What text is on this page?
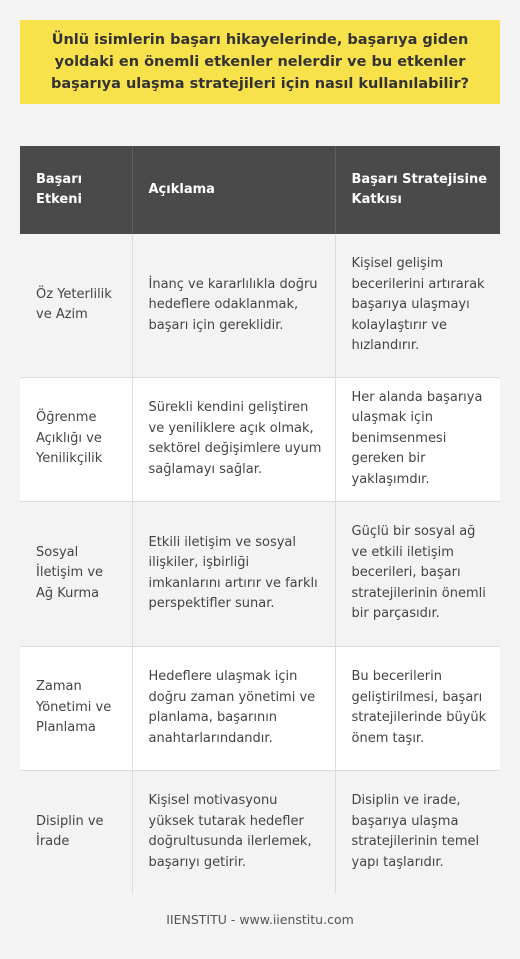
Ünlü isimlerin başarı hikayelerinde, başarıya giden yoldaki en önemli etkenler nelerdir ve bu etkenler başarıya ulaşma stratejileri için nasıl kullanılabilir?
Başarı Etkeni	Açıklama	Başarı Stratejisine Katkısı
Öz Yeterlilik ve Azim	İnanç ve kararlılıkla doğru hedeflere odaklanmak, başarı için gereklidir.	Kişisel gelişim becerilerini artırarak başarıya ulaşmayı kolaylaştırır ve hızlandırır.
Öğrenme Açıklığı ve Yenilikçilik	Sürekli kendini geliştiren ve yeniliklere açık olmak, sektörel değişimlere uyum sağlamayı sağlar.	Her alanda başarıya ulaşmak için benimsenmesi gereken bir yaklaşımdır.
Sosyal İletişim ve Ağ Kurma	Etkili iletişim ve sosyal ilişkiler, işbirliği imkanlarını artırır ve farklı perspektifler sunar.	Güçlü bir sosyal ağ ve etkili iletişim becerileri, başarı stratejilerinin önemli bir parçasıdır.
Zaman Yönetimi ve Planlama	Hedeflere ulaşmak için doğru zaman yönetimi ve planlama, başarının anahtarlarındandır.	Bu becerilerin geliştirilmesi, başarı stratejilerinde büyük önem taşır.
Disiplin ve İrade	Kişisel motivasyonu yüksek tutarak hedefler doğrultusunda ilerlemek, başarıyı getirir.	Disiplin ve irade, başarıya ulaşma stratejilerinin temel yapı taşlarıdır.
IIENSTITU - www.iienstitu.com
